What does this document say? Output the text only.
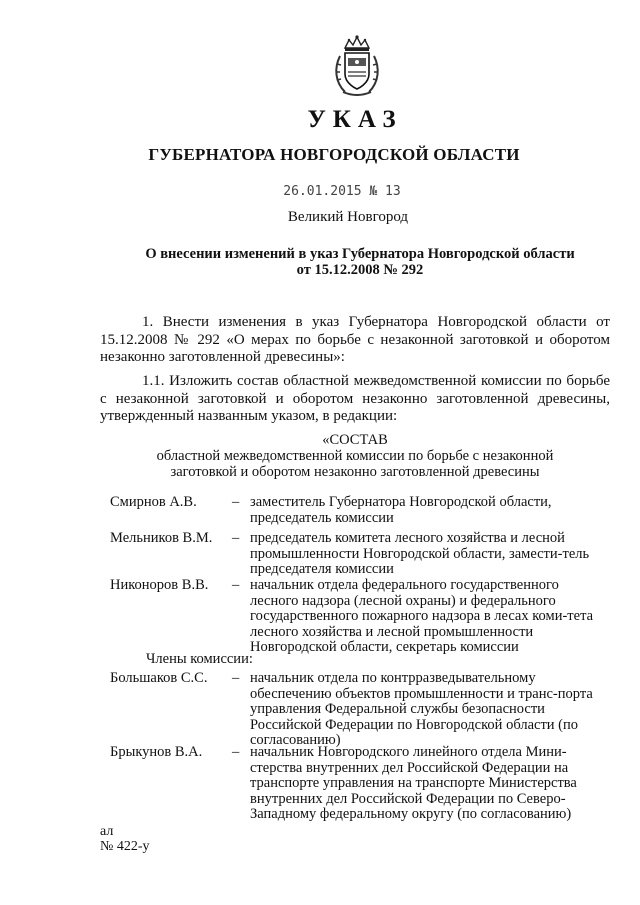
УКАЗ
ГУБЕРНАТОРА НОВГОРОДСКОЙ ОБЛАСТИ
26.01.2015 № 13
Великий Новгород
О внесении изменений в указ Губернатора Новгородской области
от 15.12.2008 № 292
1. Внести изменения в указ Губернатора Новгородской области от 15.12.2008 № 292 «О мерах по борьбе с незаконной заготовкой и оборотом незаконно заготовленной древесины»:
1.1. Изложить состав областной межведомственной комиссии по борьбе с незаконной заготовкой и оборотом незаконно заготовленной древесины, утвержденный названным указом, в редакции:
«СОСТАВ
областной межведомственной комиссии по борьбе с незаконной
заготовкой и оборотом незаконно заготовленной древесины
Смирнов А.В.	– заместитель Губернатора Новгородской области, председатель комиссии
Мельников В.М.	– председатель комитета лесного хозяйства и лесной промышленности Новгородской области, замести-тель председателя комиссии
Никоноров В.В.	– начальник отдела федерального государственного лесного надзора (лесной охраны) и федерального государственного пожарного надзора в лесах коми-тета лесного хозяйства и лесной промышленности Новгородской области, секретарь комиссии
Члены комиссии:
Большаков С.С.	– начальник отдела по контрразведывательному обеспечению объектов промышленности и транс-порта управления Федеральной службы безопасности Российской Федерации по Новгородской области (по согласованию)
Брыкунов В.А.	– начальник Новгородского линейного отдела Мини-стерства внутренних дел Российской Федерации на транспорте управления на транспорте Министерства внутренних дел Российской Федерации по Северо-Западному федеральному округу (по согласованию)
ал
№ 422-у
